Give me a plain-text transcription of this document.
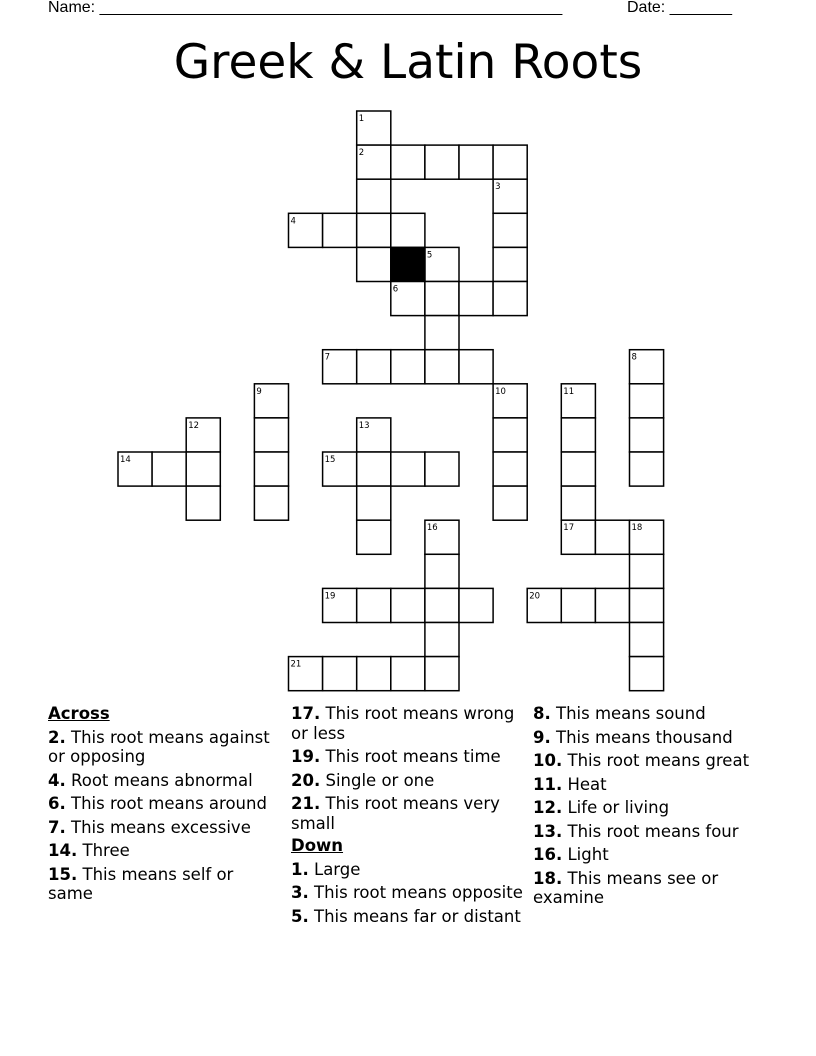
Name: ____________________________________________________	Date: _______
Greek & Latin Roots
1
2
3
4
5
6
7	8
9	10	11
12	13
14	15
16	17	18
19	20
21
Across
2. This root means against or opposing
4. Root means abnormal
6. This root means around
7. This means excessive
14. Three
15. This means self or same
17. This root means wrong or less
19. This root means time
20. Single or one
21. This root means very small
Down
1. Large
3. This root means opposite
5. This means far or distant
8. This means sound
9. This means thousand
10. This root means great
11. Heat
12. Life or living
13. This root means four
16. Light
18. This means see or examine
